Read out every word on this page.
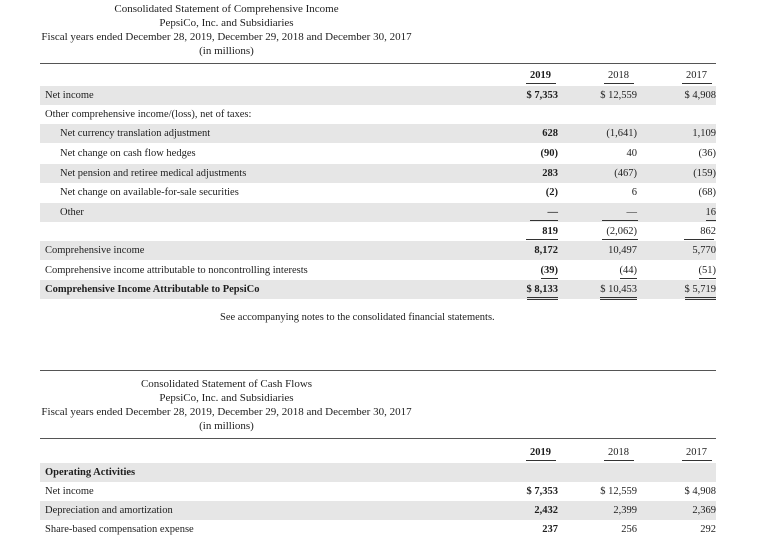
Consolidated Statement of Comprehensive Income
PepsiCo, Inc. and Subsidiaries
Fiscal years ended December 28, 2019, December 29, 2018 and December 30, 2017
(in millions)
2019	2018	2017
Net income	$ 7,353	$ 12,559	$ 4,908
Other comprehensive income/(loss), net of taxes:
Net currency translation adjustment	628	(1,641)	1,109
Net change on cash flow hedges	(90)	40	(36)
Net pension and retiree medical adjustments	283	(467)	(159)
Net change on available-for-sale securities	(2)	6	(68)
Other	—	—	16
819	(2,062)	862
Comprehensive income	8,172	10,497	5,770
Comprehensive income attributable to noncontrolling interests	(39)	(44)	(51)
Comprehensive Income Attributable to PepsiCo	$ 8,133	$ 10,453	$ 5,719
See accompanying notes to the consolidated financial statements.
Consolidated Statement of Cash Flows
PepsiCo, Inc. and Subsidiaries
Fiscal years ended December 28, 2019, December 29, 2018 and December 30, 2017
(in millions)
2019	2018	2017
Operating Activities
Net income	$ 7,353	$ 12,559	$ 4,908
Depreciation and amortization	2,432	2,399	2,369
Share-based compensation expense	237	256	292
